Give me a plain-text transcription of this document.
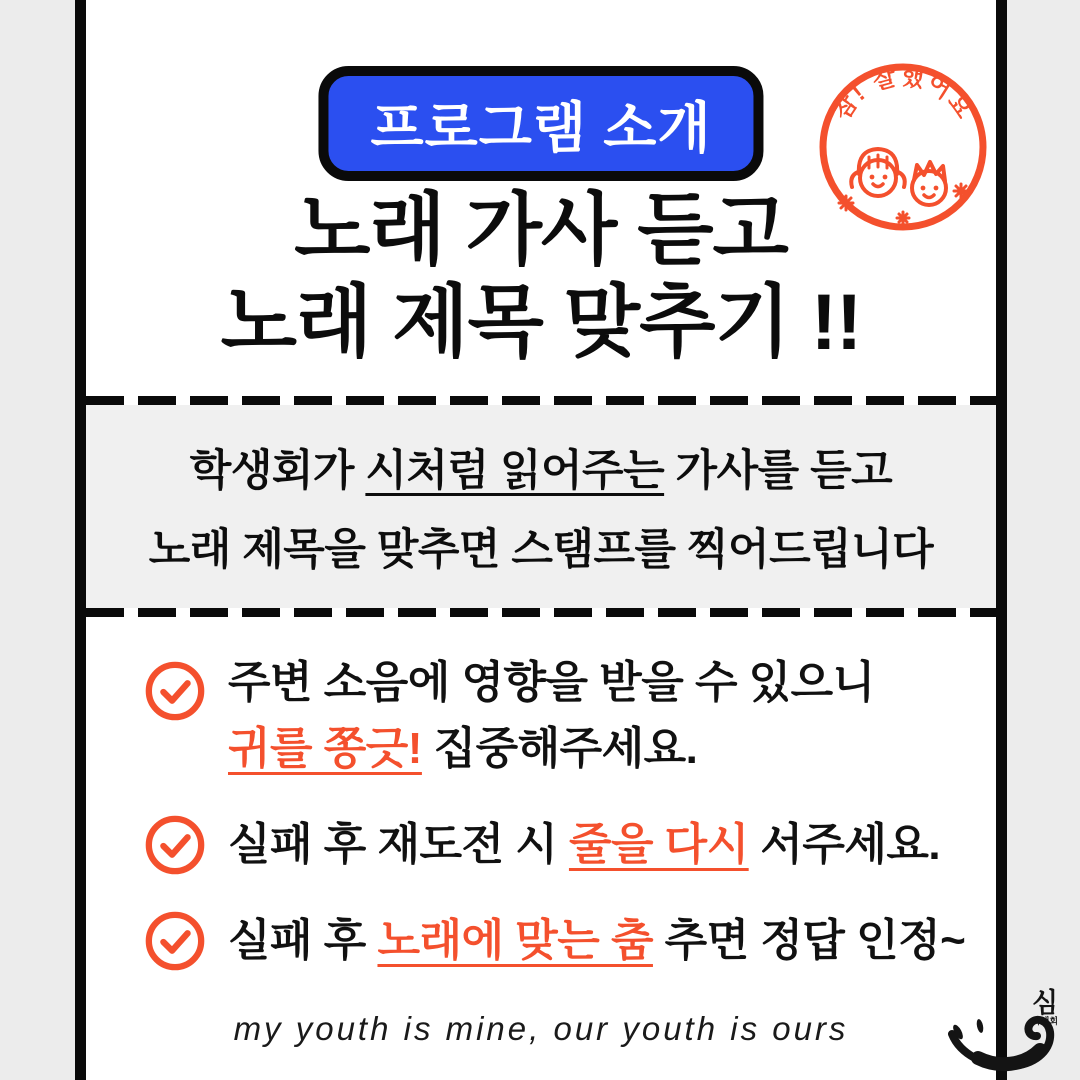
프로그램 소개	참! 잘했어요
노래 가사 듣고
노래 제목 맞추기 !!

학생회가 시처럼 읽어주는 가사를 듣고

노래 제목을 맞추면 스탬프를 찍어드립니다

주변 소음에 영향을 받을 수 있으니

귀를 쫑긋! 집중해주세요.

실패 후 재도전 시 줄을 다시 서주세요.

실패 후 노래에 맞는 춤 추면 정답 인정~

my youth is mine, our youth is ours
심
학생회
